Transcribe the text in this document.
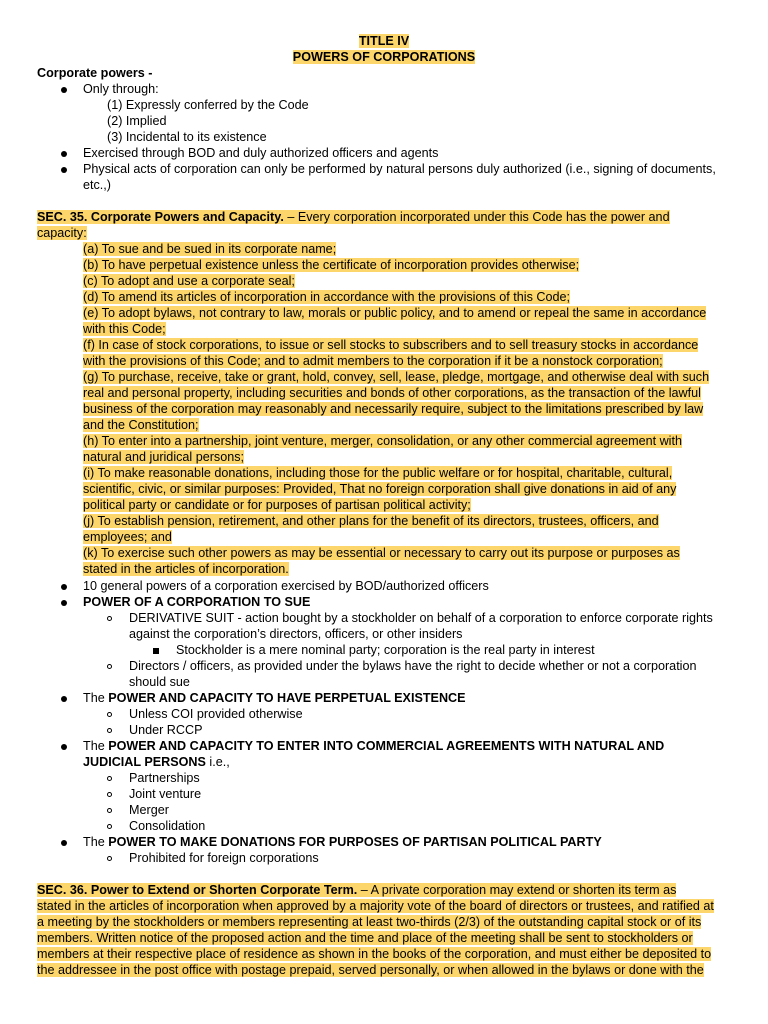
TITLE IV
POWERS OF CORPORATIONS
Corporate powers -
Only through:
(1) Expressly conferred by the Code
(2) Implied
(3) Incidental to its existence
Exercised through BOD and duly authorized officers and agents
Physical acts of corporation can only be performed by natural persons duly authorized (i.e., signing of documents,
etc.,)
SEC. 35. Corporate Powers and Capacity. – Every corporation incorporated under this Code has the power and
capacity:
(a) To sue and be sued in its corporate name;
(b) To have perpetual existence unless the certificate of incorporation provides otherwise;
(c) To adopt and use a corporate seal;
(d) To amend its articles of incorporation in accordance with the provisions of this Code;
(e) To adopt bylaws, not contrary to law, morals or public policy, and to amend or repeal the same in accordance
with this Code;
(f) In case of stock corporations, to issue or sell stocks to subscribers and to sell treasury stocks in accordance
with the provisions of this Code; and to admit members to the corporation if it be a nonstock corporation;
(g) To purchase, receive, take or grant, hold, convey, sell, lease, pledge, mortgage, and otherwise deal with such
real and personal property, including securities and bonds of other corporations, as the transaction of the lawful
business of the corporation may reasonably and necessarily require, subject to the limitations prescribed by law
and the Constitution;
(h) To enter into a partnership, joint venture, merger, consolidation, or any other commercial agreement with
natural and juridical persons;
(i) To make reasonable donations, including those for the public welfare or for hospital, charitable, cultural,
scientific, civic, or similar purposes: Provided, That no foreign corporation shall give donations in aid of any
political party or candidate or for purposes of partisan political activity;
(j) To establish pension, retirement, and other plans for the benefit of its directors, trustees, officers, and
employees; and
(k) To exercise such other powers as may be essential or necessary to carry out its purpose or purposes as
stated in the articles of incorporation.
10 general powers of a corporation exercised by BOD/authorized officers
POWER OF A CORPORATION TO SUE
DERIVATIVE SUIT - action bought by a stockholder on behalf of a corporation to enforce corporate rights
against the corporation’s directors, officers, or other insiders
Stockholder is a mere nominal party; corporation is the real party in interest
Directors / officers, as provided under the bylaws have the right to decide whether or not a corporation
should sue
The POWER AND CAPACITY TO HAVE PERPETUAL EXISTENCE
Unless COI provided otherwise
Under RCCP
The POWER AND CAPACITY TO ENTER INTO COMMERCIAL AGREEMENTS WITH NATURAL AND
JUDICIAL PERSONS i.e.,
Partnerships
Joint venture
Merger
Consolidation
The POWER TO MAKE DONATIONS FOR PURPOSES OF PARTISAN POLITICAL PARTY
Prohibited for foreign corporations
SEC. 36. Power to Extend or Shorten Corporate Term. – A private corporation may extend or shorten its term as
stated in the articles of incorporation when approved by a majority vote of the board of directors or trustees, and ratified at
a meeting by the stockholders or members representing at least two-thirds (2/3) of the outstanding capital stock or of its
members. Written notice of the proposed action and the time and place of the meeting shall be sent to stockholders or
members at their respective place of residence as shown in the books of the corporation, and must either be deposited to
the addressee in the post office with postage prepaid, served personally, or when allowed in the bylaws or done with the
